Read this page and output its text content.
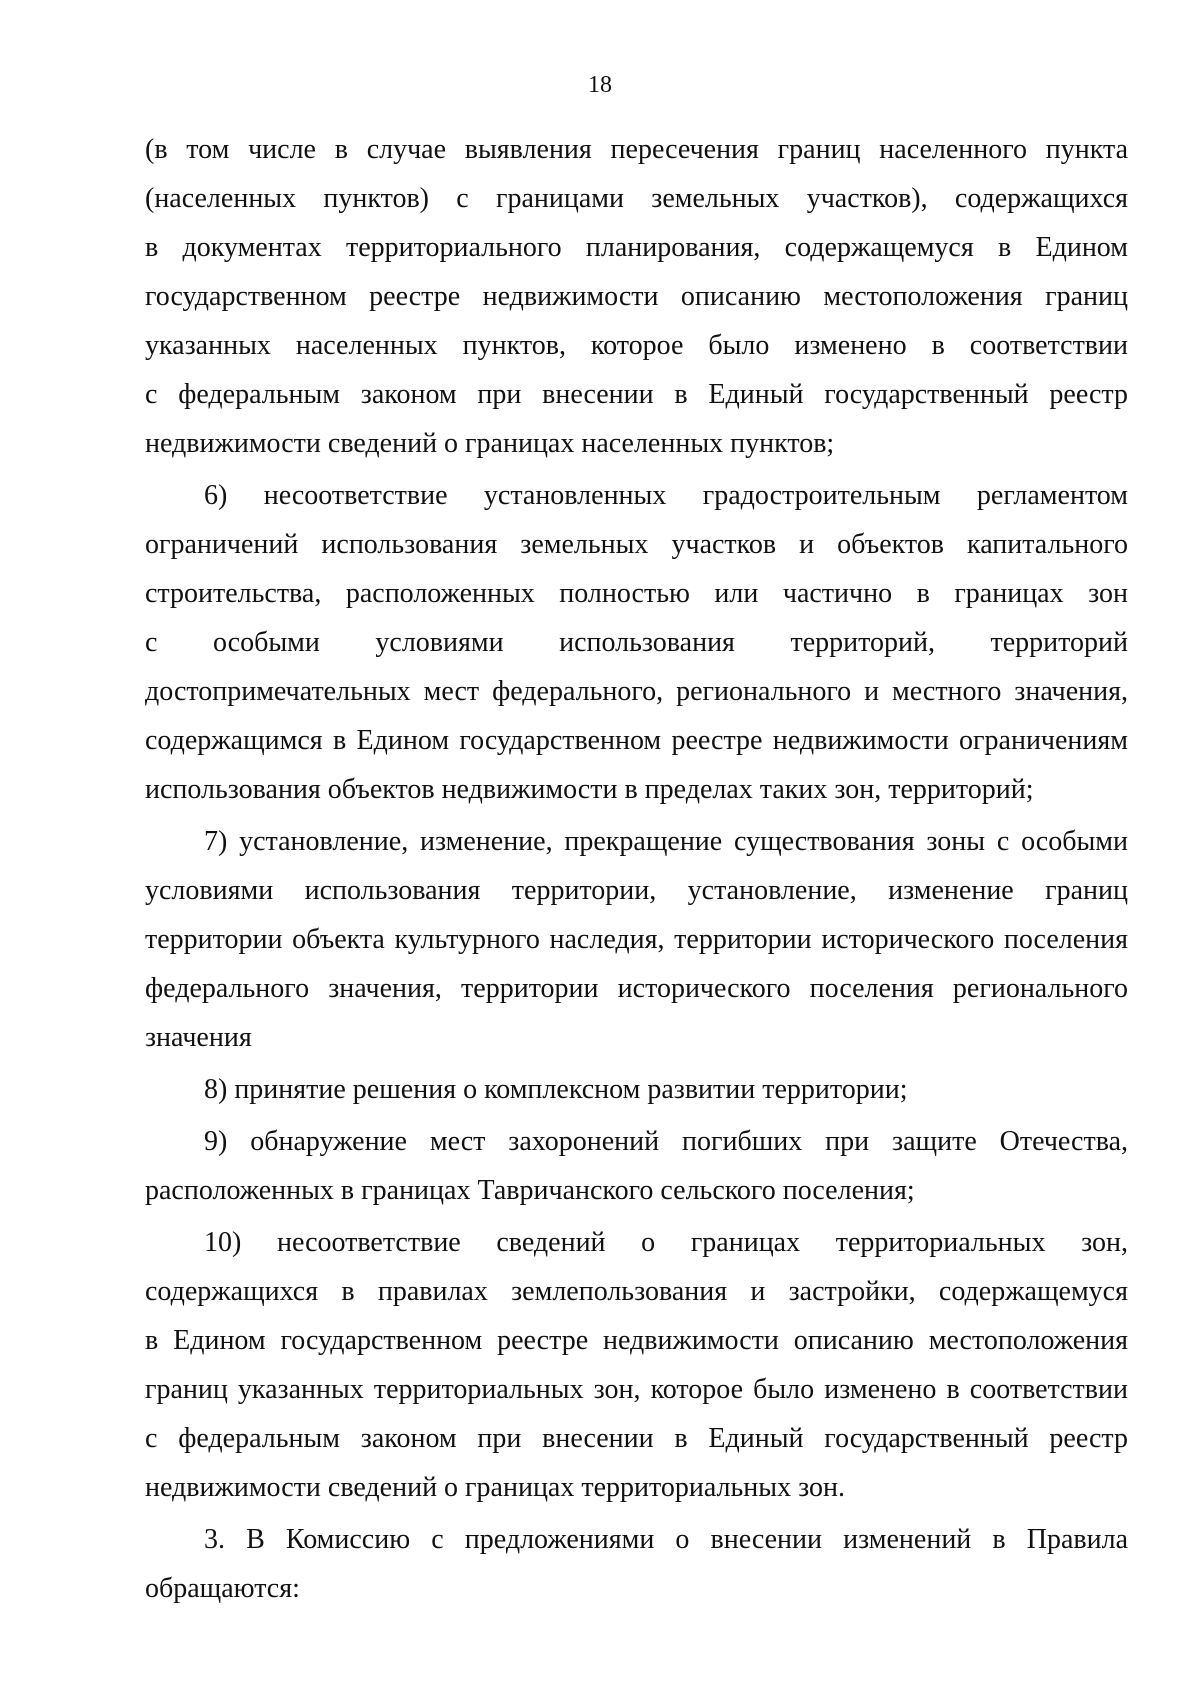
18
(в том числе в случае выявления пересечения границ населенного пункта
(населенных пунктов) с границами земельных участков), содержащихся
в документах территориального планирования, содержащемуся в Едином
государственном реестре недвижимости описанию местоположения границ
указанных населенных пунктов, которое было изменено в соответствии
с федеральным законом при внесении в Единый государственный реестр
недвижимости сведений о границах населенных пунктов;
6) несоответствие установленных градостроительным регламентом
ограничений использования земельных участков и объектов капитального
строительства, расположенных полностью или частично в границах зон
с особыми условиями использования территорий, территорий
достопримечательных мест федерального, регионального и местного значения,
содержащимся в Едином государственном реестре недвижимости ограничениям
использования объектов недвижимости в пределах таких зон, территорий;
7) установление, изменение, прекращение существования зоны с особыми
условиями использования территории, установление, изменение границ
территории объекта культурного наследия, территории исторического поселения
федерального значения, территории исторического поселения регионального
значения
8) принятие решения о комплексном развитии территории;
9) обнаружение мест захоронений погибших при защите Отечества,
расположенных в границах Тавричанского сельского поселения;
10) несоответствие сведений о границах территориальных зон,
содержащихся в правилах землепользования и застройки, содержащемуся
в Едином государственном реестре недвижимости описанию местоположения
границ указанных территориальных зон, которое было изменено в соответствии
с федеральным законом при внесении в Единый государственный реестр
недвижимости сведений о границах территориальных зон.
3. В Комиссию с предложениями о внесении изменений в Правила
обращаются:
